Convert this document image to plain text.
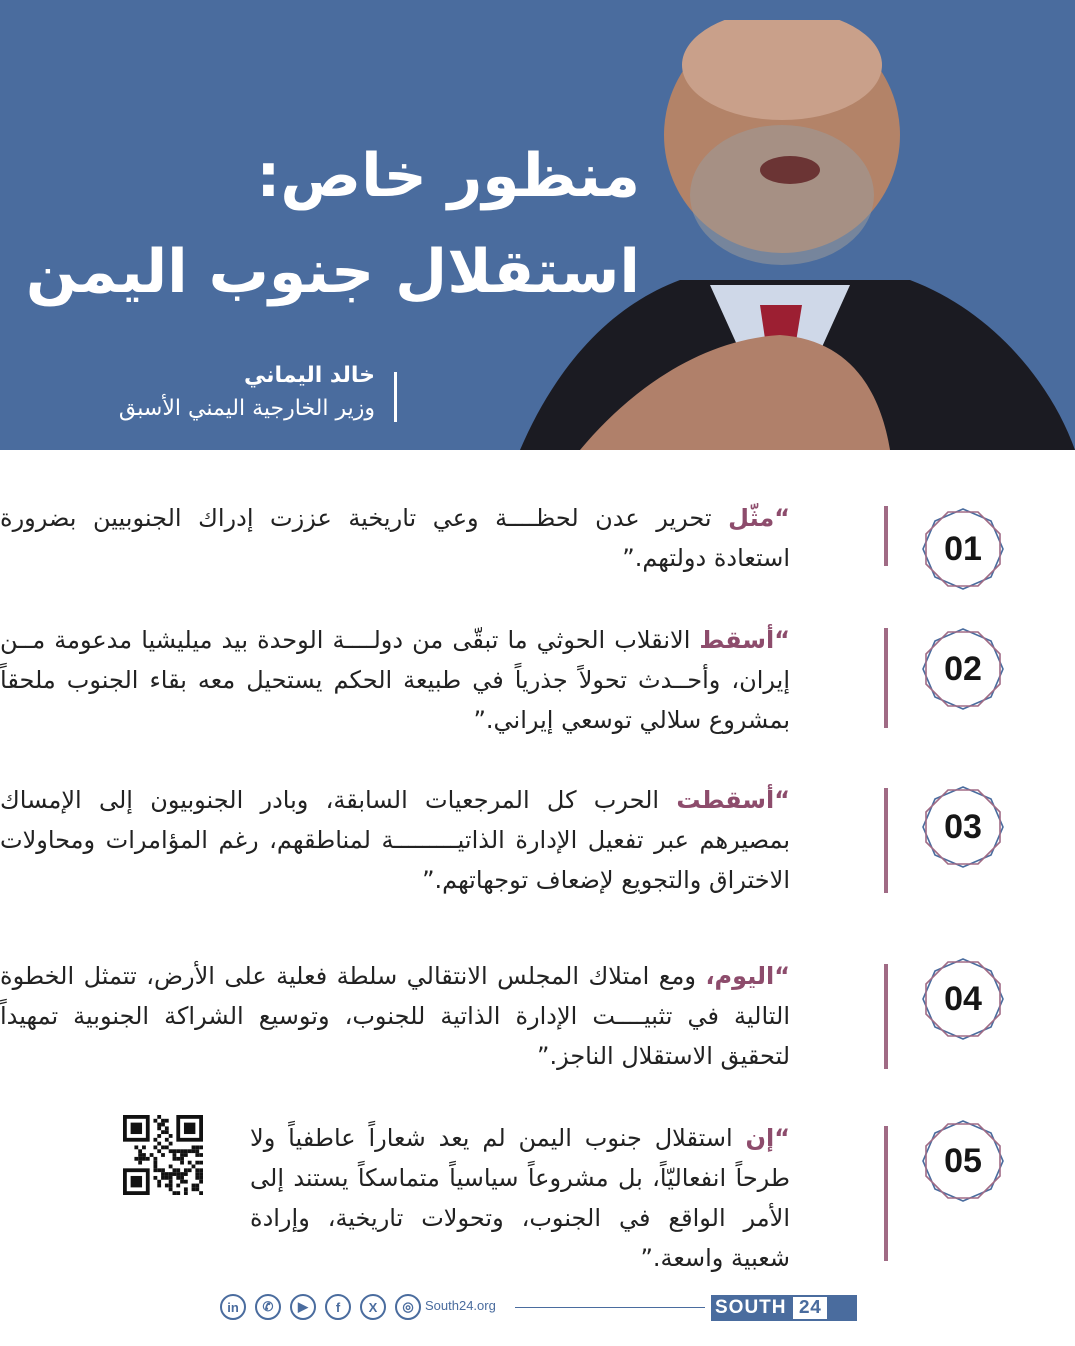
منظور خاص:
استقلال جنوب اليمن
خالد اليماني
وزير الخارجية اليمني الأسبق
“مثّل تحرير عدن لحظــــة وعي تاريخية عززت إدراك الجنوبيين بضرورة استعادة دولتهم.”	01
“أسقط الانقلاب الحوثي ما تبقّى من دولــــة الوحدة بيد ميليشيا مدعومة مــن إيران، وأحــدث تحولاً جذرياً في طبيعة الحكم يستحيل معه بقاء الجنوب ملحقاً بمشروع سلالي توسعي إيراني.”
02
“أسقطت الحرب كل المرجعيات السابقة، وبادر الجنوبيون إلى الإمساك بمصيرهم عبر تفعيل الإدارة الذاتيـــــــــة لمناطقهم، رغم المؤامرات ومحاولات الاختراق والتجويع لإضعاف توجهاتهم.”
03
“اليوم، ومع امتلاك المجلس الانتقالي سلطة فعلية على الأرض، تتمثل الخطوة التالية في تثبيــــت الإدارة الذاتية للجنوب، وتوسيع الشراكة الجنوبية تمهيداً لتحقيق الاستقلال الناجز.”
04
“إن استقلال جنوب اليمن لم يعد شعاراً عاطفياً ولا طرحاً انفعاليّاً، بل مشروعاً سياسياً متماسكاً يستند إلى الأمر الواقع في الجنوب، وتحولات تاريخية، وإرادة شعبية واسعة.”
05
in	✆	▶	f	X	◎ South24.org	SOUTH 24
